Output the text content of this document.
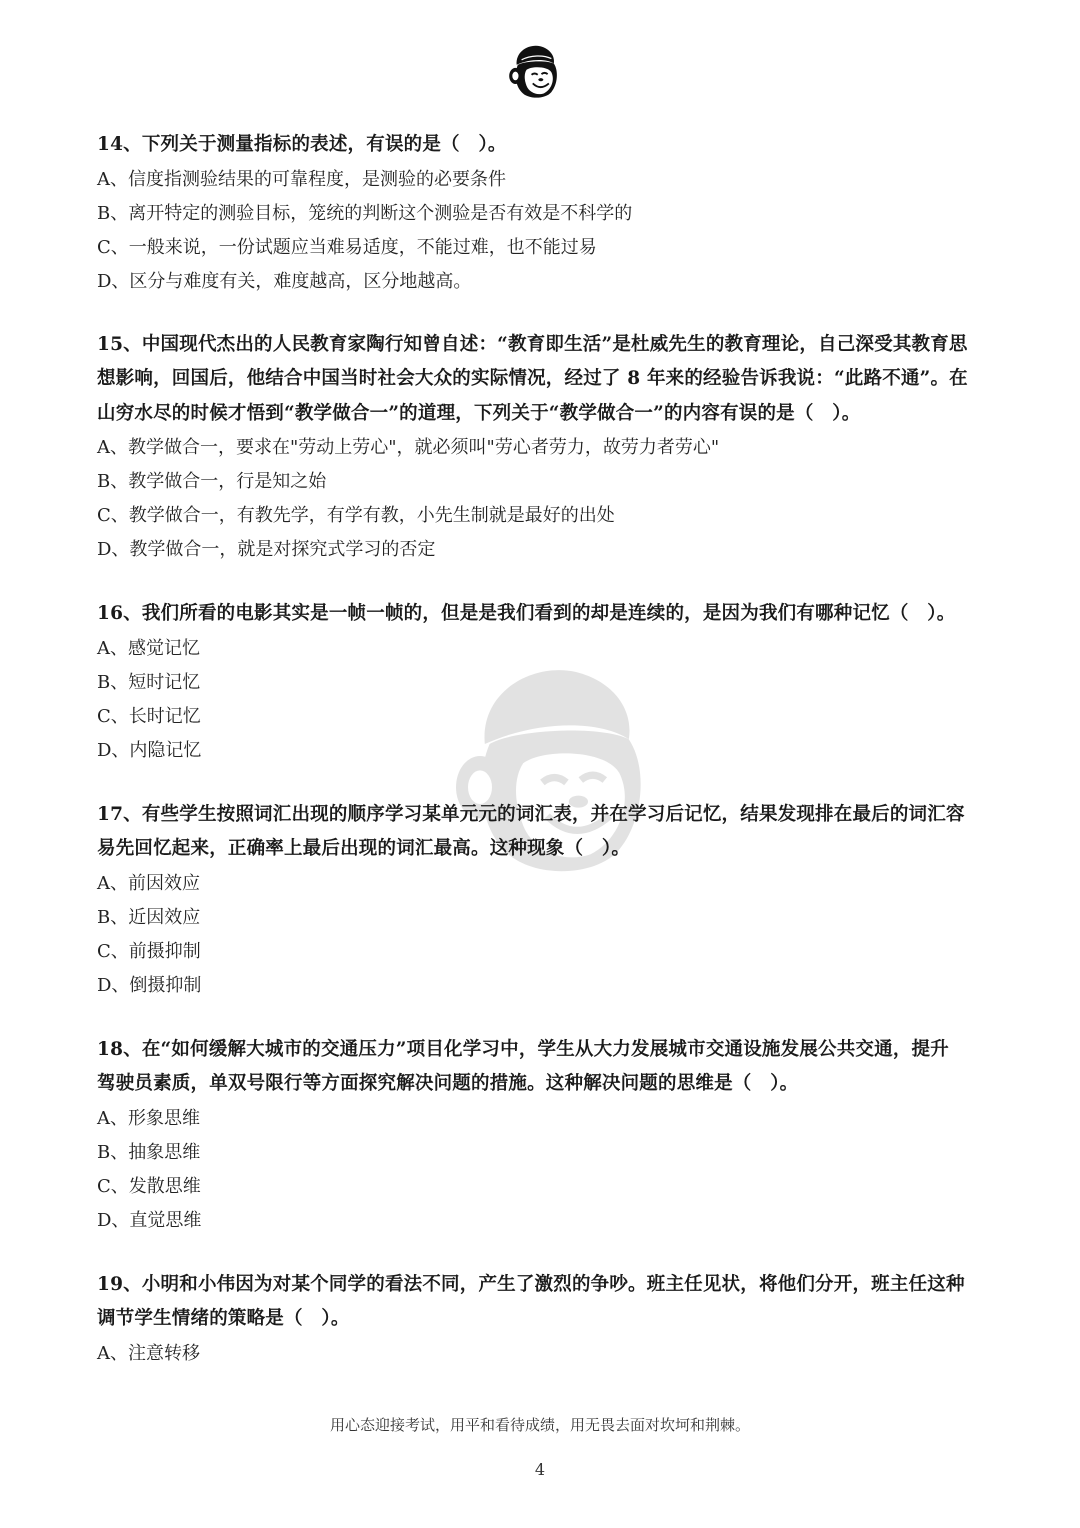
14、下列关于测量指标的表述，有误的是（　）。

A、信度指测验结果的可靠程度，是测验的必要条件

B、离开特定的测验目标，笼统的判断这个测验是否有效是不科学的

C、一般来说，一份试题应当难易适度，不能过难，也不能过易

D、区分与难度有关，难度越高，区分地越高。

15、中国现代杰出的人民教育家陶行知曾自述：“教育即生活”是杜威先生的教育理论，自己深受其教育思

想影响，回国后，他结合中国当时社会大众的实际情况，经过了 8 年来的经验告诉我说：“此路不通”。在

山穷水尽的时候才悟到“教学做合一”的道理，下列关于“教学做合一”的内容有误的是（　）。

A、教学做合一，要求在"劳动上劳心"，就必须叫"劳心者劳力，故劳力者劳心"

B、教学做合一，行是知之始

C、教学做合一，有教先学，有学有教，小先生制就是最好的出处

D、教学做合一，就是对探究式学习的否定

16、我们所看的电影其实是一帧一帧的，但是是我们看到的却是连续的，是因为我们有哪种记忆（　）。

A、感觉记忆

B、短时记忆

C、长时记忆

D、内隐记忆

17、有些学生按照词汇出现的顺序学习某单元元的词汇表，并在学习后记忆，结果发现排在最后的词汇容

易先回忆起来，正确率上最后出现的词汇最高。这种现象（　）。

A、前因效应

B、近因效应

C、前摄抑制

D、倒摄抑制

18、在“如何缓解大城市的交通压力”项目化学习中，学生从大力发展城市交通设施发展公共交通，提升

驾驶员素质，单双号限行等方面探究解决问题的措施。这种解决问题的思维是（　）。

A、形象思维

B、抽象思维

C、发散思维

D、直觉思维

19、小明和小伟因为对某个同学的看法不同，产生了激烈的争吵。班主任见状，将他们分开，班主任这种

调节学生情绪的策略是（　）。

A、注意转移

用心态迎接考试，用平和看待成绩，用无畏去面对坎坷和荆棘。
4
